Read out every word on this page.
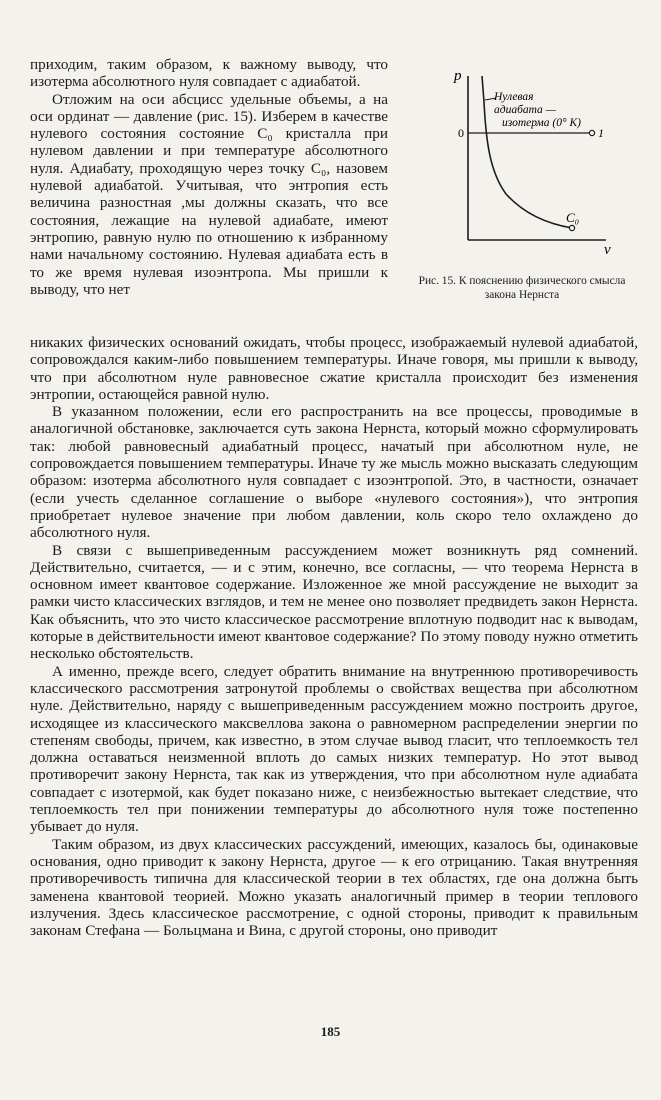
приходим, таким образом, к важному выводу, что изотерма абсолютного нуля совпадает с адиабатой.

Отложим на оси абсцисс удельные объемы, а на оси ординат — давление (рис. 15). Изберем в качестве нулевого состояния состояние C₀ кристалла при нулевом давлении и при температуре абсолютного нуля. Адиабату, проходящую через точку C₀, назовем нулевой адиабатой. Учитывая, что энтропия есть величина разностная ,мы должны сказать, что все состояния, лежащие на нулевой адиабате, имеют энтропию, равную нулю по отношению к избранному нами начальному состоянию. Нулевая адиабата есть в то же время нулевая изоэнтропа. Мы пришли к выводу, что нет

p
v
0	1
C₀
Нулевая
адиабата —
изотерма (0° K)
Рис. 15. К пояснению физического смысла закона Нернста

никаких физических оснований ожидать, чтобы процесс, изображаемый нулевой адиабатой, сопровождался каким-либо повышением температуры. Иначе говоря, мы пришли к выводу, что при абсолютном нуле равновесное сжатие кристалла происходит без изменения энтропии, остающейся равной нулю.

В указанном положении, если его распространить на все процессы, проводимые в аналогичной обстановке, заключается суть закона Нернста, который можно сформулировать так: любой равновесный адиабатный процесс, начатый при абсолютном нуле, не сопровождается повышением температуры. Иначе ту же мысль можно высказать следующим образом: изотерма абсолютного нуля совпадает с изоэнтропой. Это, в частности, означает (если учесть сделанное соглашение о выборе «нулевого состояния»), что энтропия приобретает нулевое значение при любом давлении, коль скоро тело охлаждено до абсолютного нуля.

В связи с вышеприведенным рассуждением может возникнуть ряд сомнений. Действительно, считается, — и с этим, конечно, все согласны, — что теорема Нернста в основном имеет квантовое содержание. Изложенное же мной рассуждение не выходит за рамки чисто классических взглядов, и тем не менее оно позволяет предвидеть закон Нернста. Как объяснить, что это чисто классическое рассмотрение вплотную подводит нас к выводам, которые в действительности имеют квантовое содержание? По этому поводу нужно отметить несколько обстоятельств.

А именно, прежде всего, следует обратить внимание на внутреннюю противоречивость классического рассмотрения затронутой проблемы о свойствах вещества при абсолютном нуле. Действительно, наряду с вышеприведенным рассуждением можно построить другое, исходящее из классического максвеллова закона о равномерном распределении энергии по степеням свободы, причем, как известно, в этом случае вывод гласит, что теплоемкость тел должна оставаться неизменной вплоть до самых низких температур. Но этот вывод противоречит закону Нернста, так как из утверждения, что при абсолютном нуле адиабата совпадает с изотермой, как будет показано ниже, с неизбежностью вытекает следствие, что теплоемкость тел при понижении температуры до абсолютного нуля тоже постепенно убывает до нуля.

Таким образом, из двух классических рассуждений, имеющих, казалось бы, одинаковые основания, одно приводит к закону Нернста, другое — к его отрицанию. Такая внутренняя противоречивость типична для классической теории в тех областях, где она должна быть заменена квантовой теорией. Можно указать аналогичный пример в теории теплового излучения. Здесь классическое рассмотрение, с одной стороны, приводит к правильным законам Стефана — Больцмана и Вина, с другой стороны, оно приводит

185
